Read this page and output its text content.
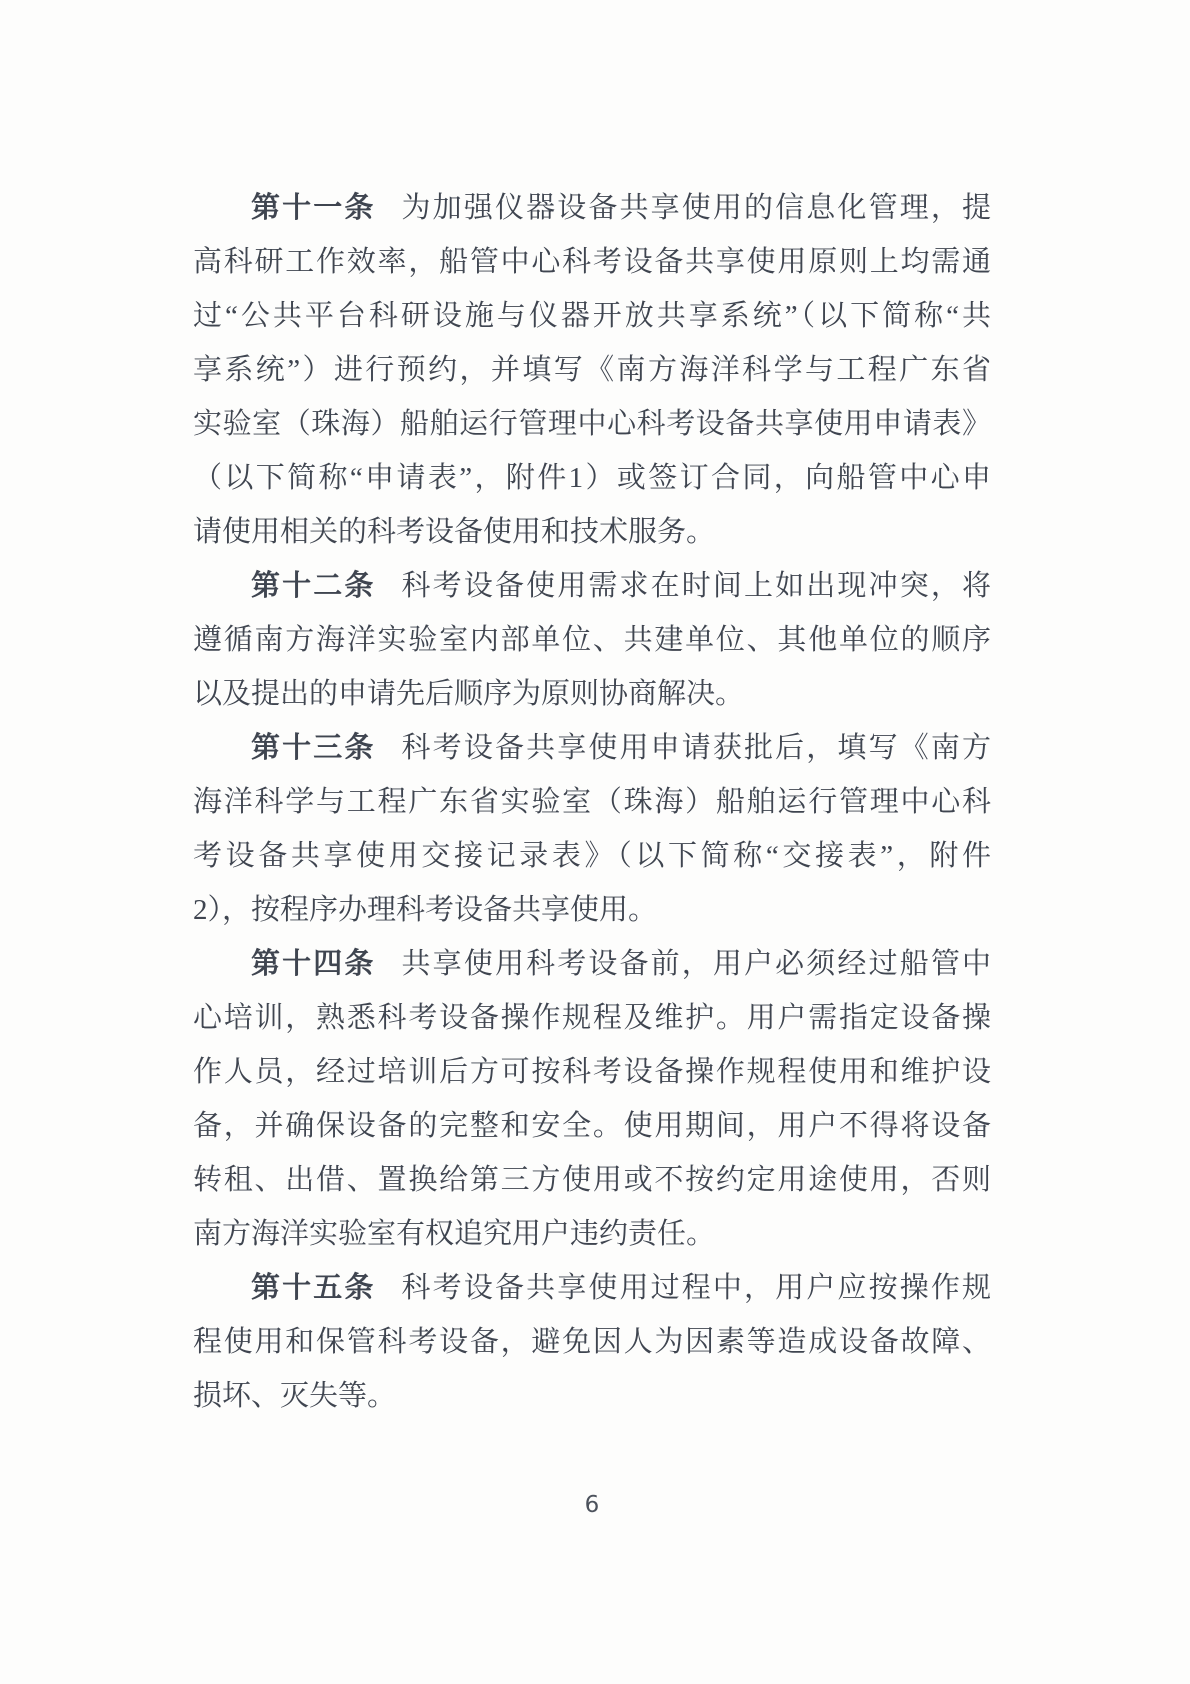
第十一条 为加强仪器设备共享使用的信息化管理，提
高科研工作效率，船管中心科考设备共享使用原则上均需通
过“公共平台科研设施与仪器开放共享系统”（以下简称“共
享系统”）进行预约，并填写《南方海洋科学与工程广东省
实验室（珠海）船舶运行管理中心科考设备共享使用申请表》
（以下简称“申请表”，附件1）或签订合同，向船管中心申
请使用相关的科考设备使用和技术服务。
第十二条 科考设备使用需求在时间上如出现冲突，将
遵循南方海洋实验室内部单位、共建单位、其他单位的顺序
以及提出的申请先后顺序为原则协商解决。
第十三条 科考设备共享使用申请获批后，填写《南方
海洋科学与工程广东省实验室（珠海）船舶运行管理中心科
考设备共享使用交接记录表》（以下简称“交接表”，附件
2），按程序办理科考设备共享使用。
第十四条 共享使用科考设备前，用户必须经过船管中
心培训，熟悉科考设备操作规程及维护。用户需指定设备操
作人员，经过培训后方可按科考设备操作规程使用和维护设
备，并确保设备的完整和安全。使用期间，用户不得将设备
转租、出借、置换给第三方使用或不按约定用途使用，否则
南方海洋实验室有权追究用户违约责任。
第十五条 科考设备共享使用过程中，用户应按操作规
程使用和保管科考设备，避免因人为因素等造成设备故障、
损坏、灭失等。
6
